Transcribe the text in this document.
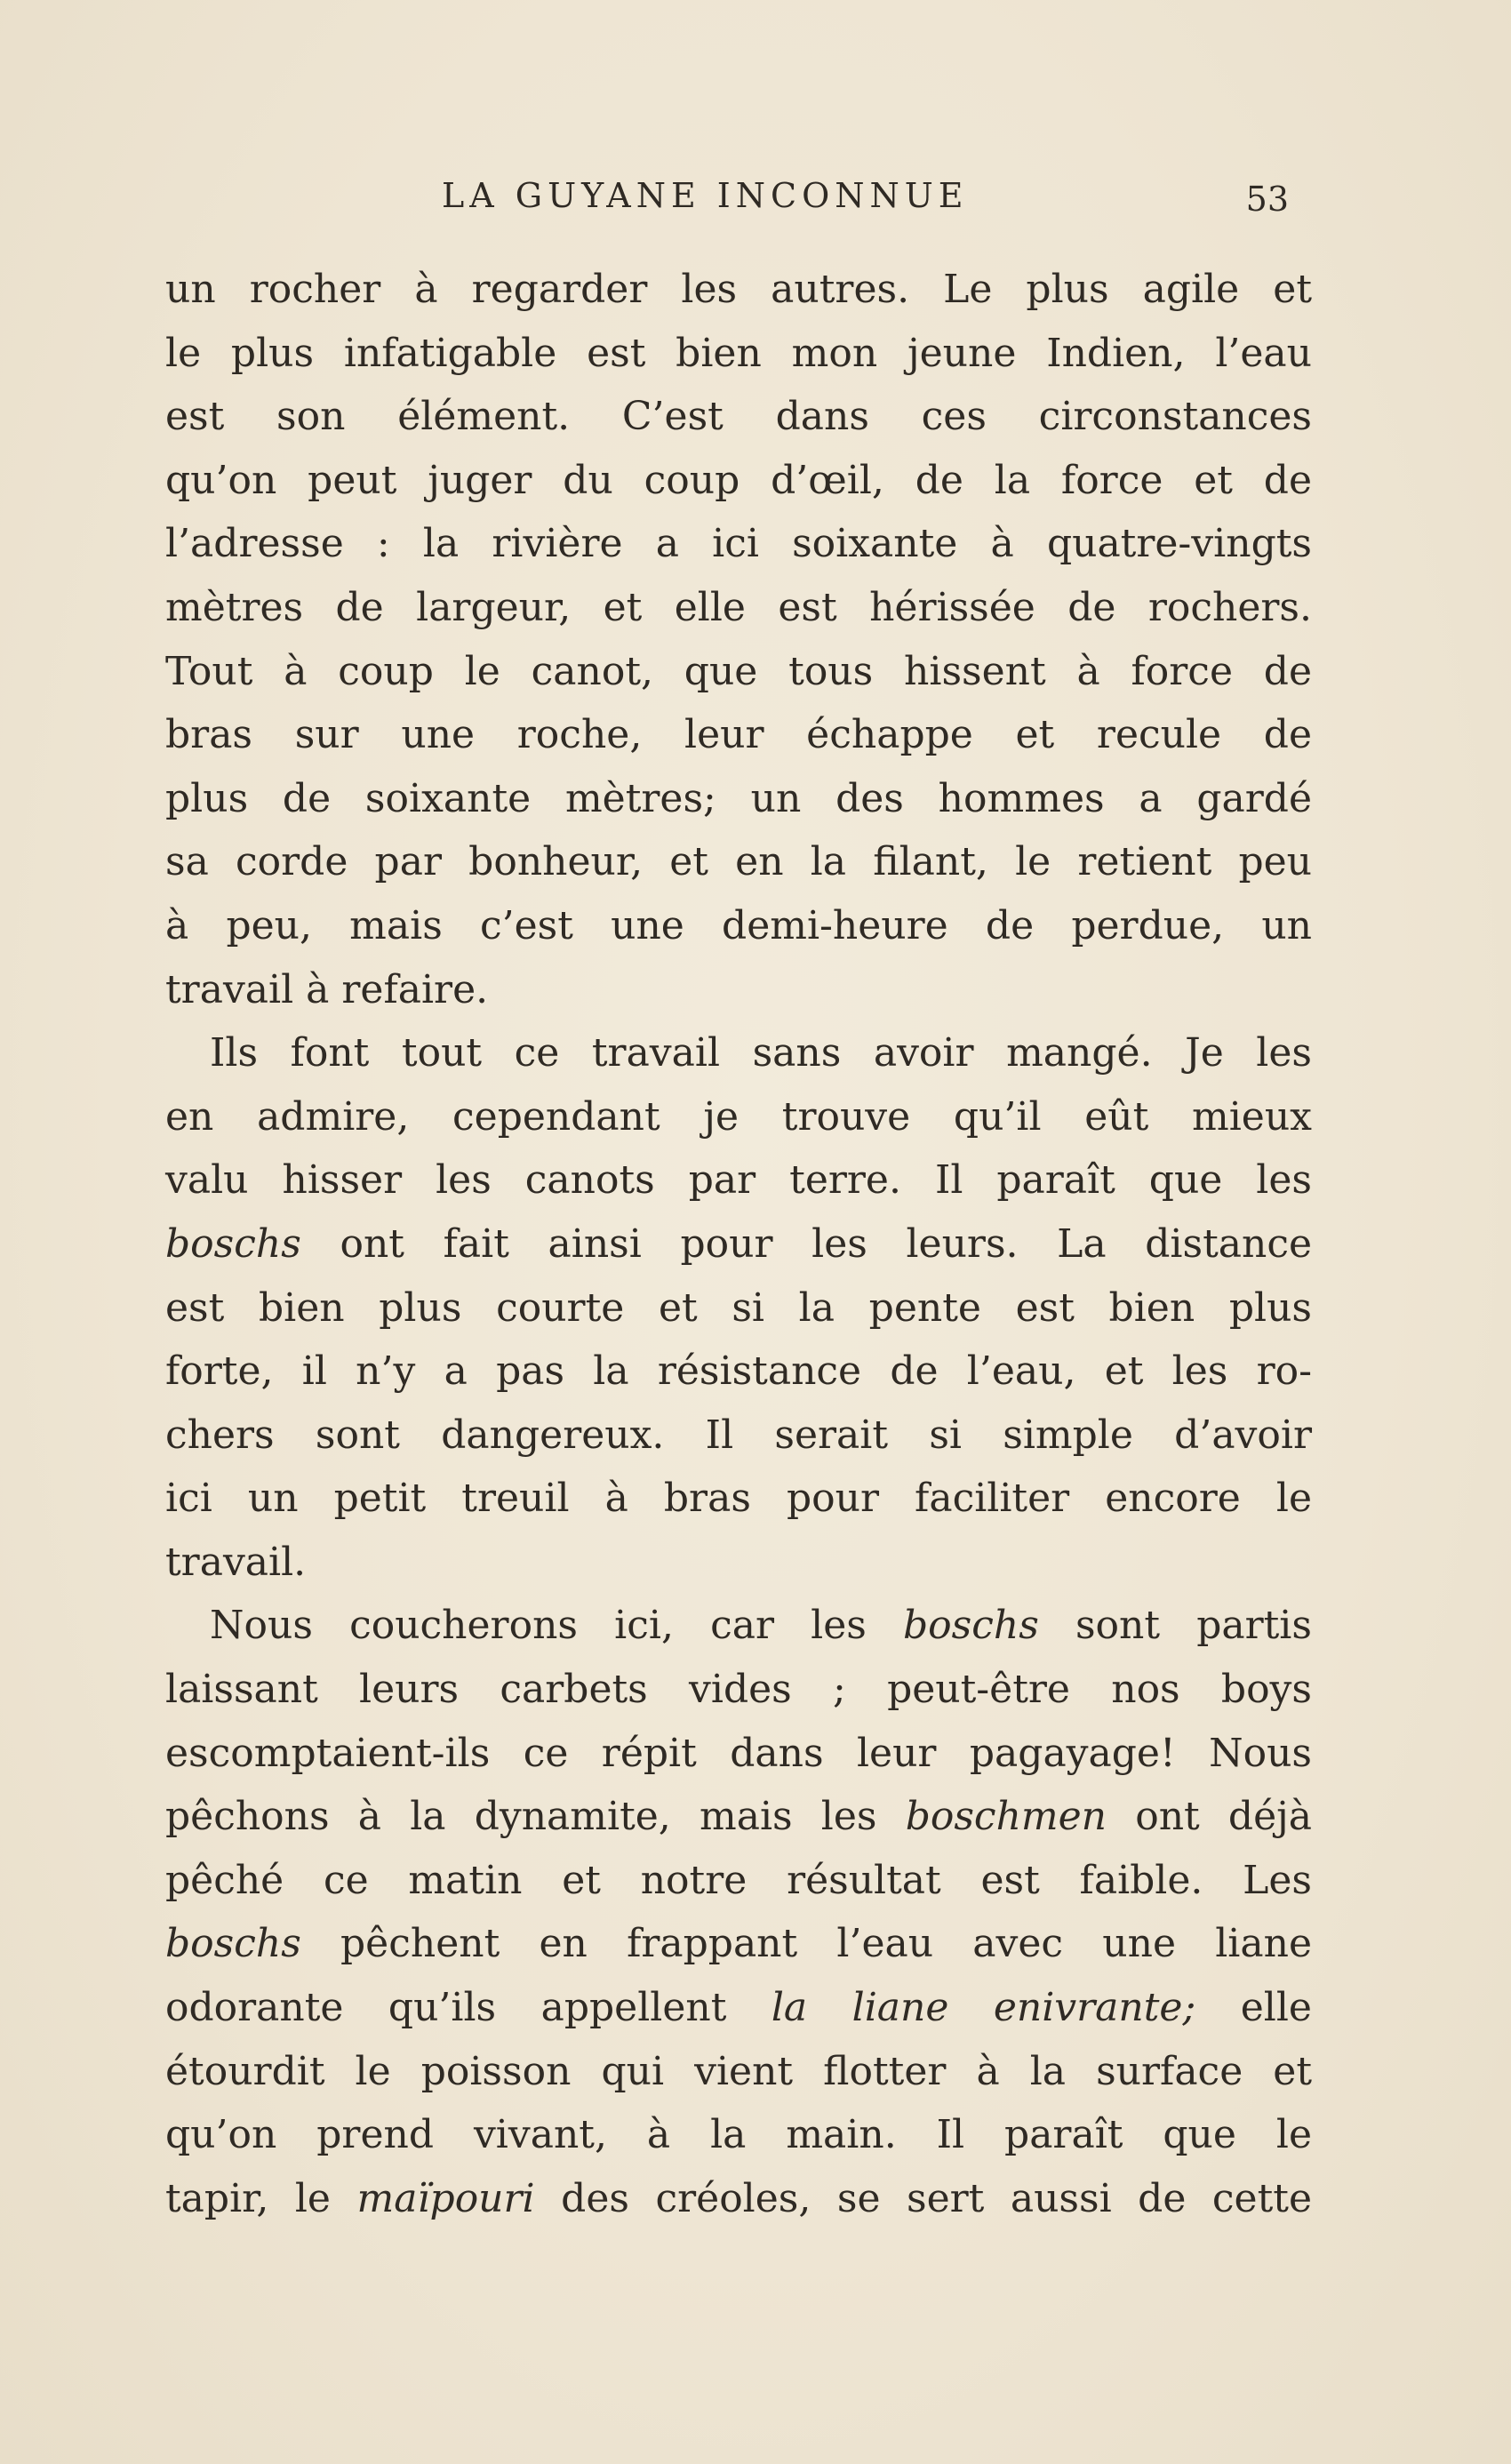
LA GUYANE INCONNUE	53
un rocher à regarder les autres. Le plus agile et
le plus infatigable est bien mon jeune Indien, l’eau
est son élément. C’est dans ces circonstances
qu’on peut juger du coup d’œil, de la force et de
l’adresse : la rivière a ici soixante à quatre-vingts
mètres de largeur, et elle est hérissée de rochers.
Tout à coup le canot, que tous hissent à force de
bras sur une roche, leur échappe et recule de
plus de soixante mètres; un des hommes a gardé
sa corde par bonheur, et en la filant, le retient peu
à peu, mais c’est une demi-heure de perdue, un
travail à refaire.
Ils font tout ce travail sans avoir mangé. Je les
en admire, cependant je trouve qu’il eût mieux
valu hisser les canots par terre. Il paraît que les
boschs ont fait ainsi pour les leurs. La distance
est bien plus courte et si la pente est bien plus
forte, il n’y a pas la résistance de l’eau, et les ro-
chers sont dangereux. Il serait si simple d’avoir
ici un petit treuil à bras pour faciliter encore le
travail.
Nous coucherons ici, car les boschs sont partis
laissant leurs carbets vides ; peut-être nos boys
escomptaient-ils ce répit dans leur pagayage! Nous
pêchons à la dynamite, mais les boschmen ont déjà
pêché ce matin et notre résultat est faible. Les
boschs pêchent en frappant l’eau avec une liane
odorante qu’ils appellent la liane enivrante; elle
étourdit le poisson qui vient flotter à la surface et
qu’on prend vivant, à la main. Il paraît que le
tapir, le maïpouri des créoles, se sert aussi de cette
